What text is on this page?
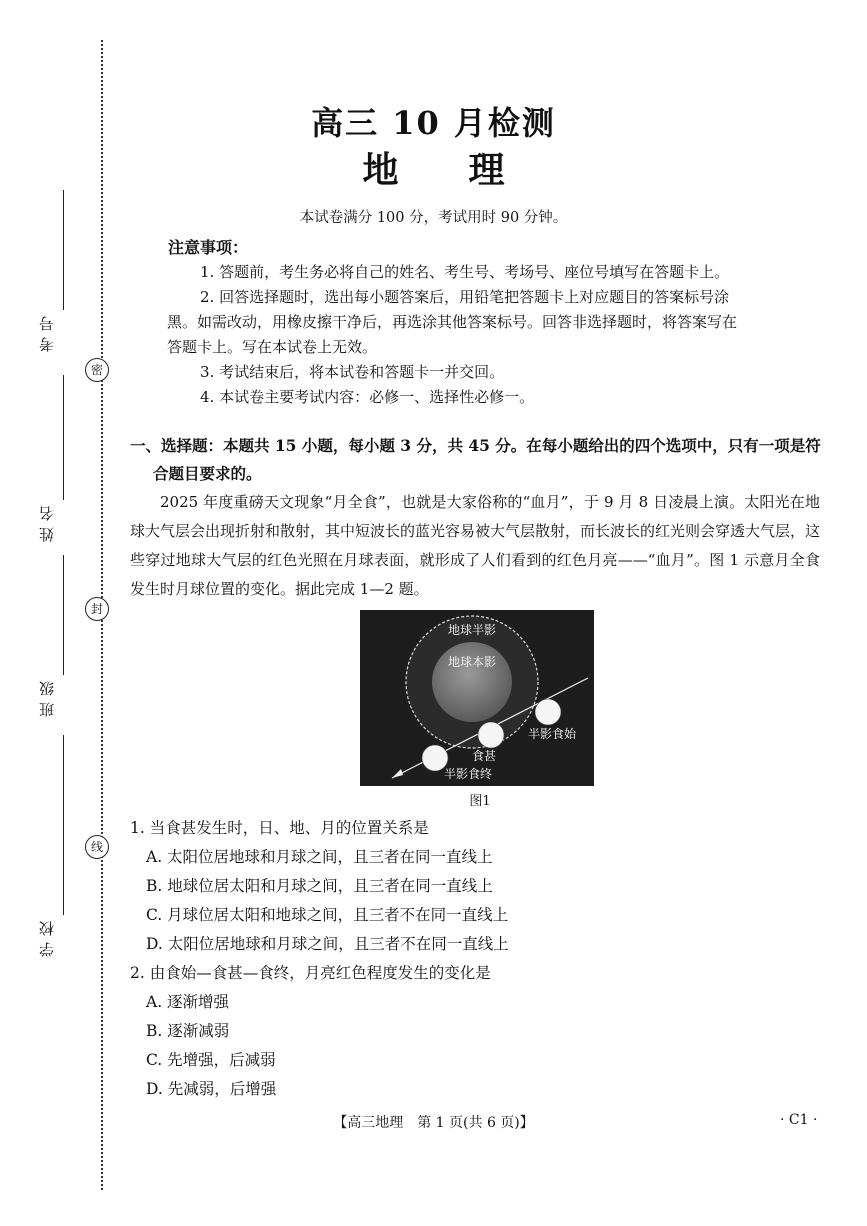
考号
密
姓名
封
班级
线
学校
高三 10 月检测
地理
本试卷满分 100 分，考试用时 90 分钟。
注意事项：
1. 答题前，考生务必将自己的姓名、考生号、考场号、座位号填写在答题卡上。
2. 回答选择题时，选出每小题答案后，用铅笔把答题卡上对应题目的答案标号涂
黑。如需改动，用橡皮擦干净后，再选涂其他答案标号。回答非选择题时，将答案写在
答题卡上。写在本试卷上无效。
3. 考试结束后，将本试卷和答题卡一并交回。
4. 本试卷主要考试内容：必修一、选择性必修一。
一、选择题：本题共 15 小题，每小题 3 分，共 45 分。在每小题给出的四个选项中，只有一项是符
合题目要求的。
2025 年度重磅天文现象“月全食”，也就是大家俗称的“血月”，于 9 月 8 日凌晨上演。太阳光在地球大气层会出现折射和散射，其中短波长的蓝光容易被大气层散射，而长波长的红光则会穿透大气层，这些穿过地球大气层的红色光照在月球表面，就形成了人们看到的红色月亮——“血月”。图 1 示意月全食发生时月球位置的变化。据此完成 1—2 题。
地球半影
地球本影
半影食始
食甚
半影食终
图1
1. 当食甚发生时，日、地、月的位置关系是
A. 太阳位居地球和月球之间，且三者在同一直线上
B. 地球位居太阳和月球之间，且三者在同一直线上
C. 月球位居太阳和地球之间，且三者不在同一直线上
D. 太阳位居地球和月球之间，且三者不在同一直线上
2. 由食始—食甚—食终，月亮红色程度发生的变化是
A. 逐渐增强
B. 逐渐减弱
C. 先增强，后减弱
D. 先减弱，后增强
【高三地理　第 1 页(共 6 页)】	· C1 ·
